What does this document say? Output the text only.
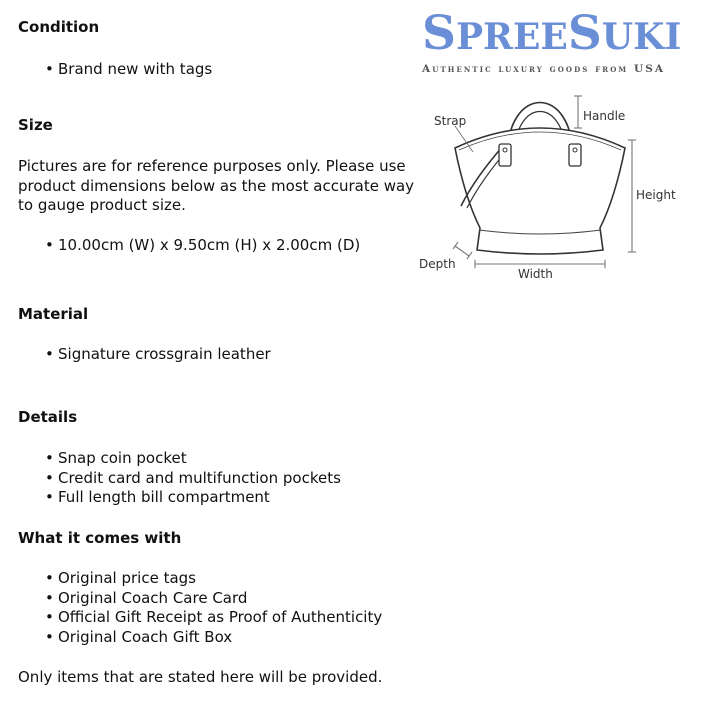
SPREESUKI
Authentic luxury goods from USA
Strap	Handle
Height
Depth
Width
Condition
• Brand new with tags
Size

Pictures are for reference purposes only. Please use product dimensions below as the most accurate way to gauge product size.

• 10.00cm (W) x 9.50cm (H) x 2.00cm (D)
Material
• Signature crossgrain leather
Details
• Snap coin pocket
• Credit card and multifunction pockets
• Full length bill compartment
What it comes with
• Original price tags
• Original Coach Care Card
• Official Gift Receipt as Proof of Authenticity
• Original Coach Gift Box

Only items that are stated here will be provided.
